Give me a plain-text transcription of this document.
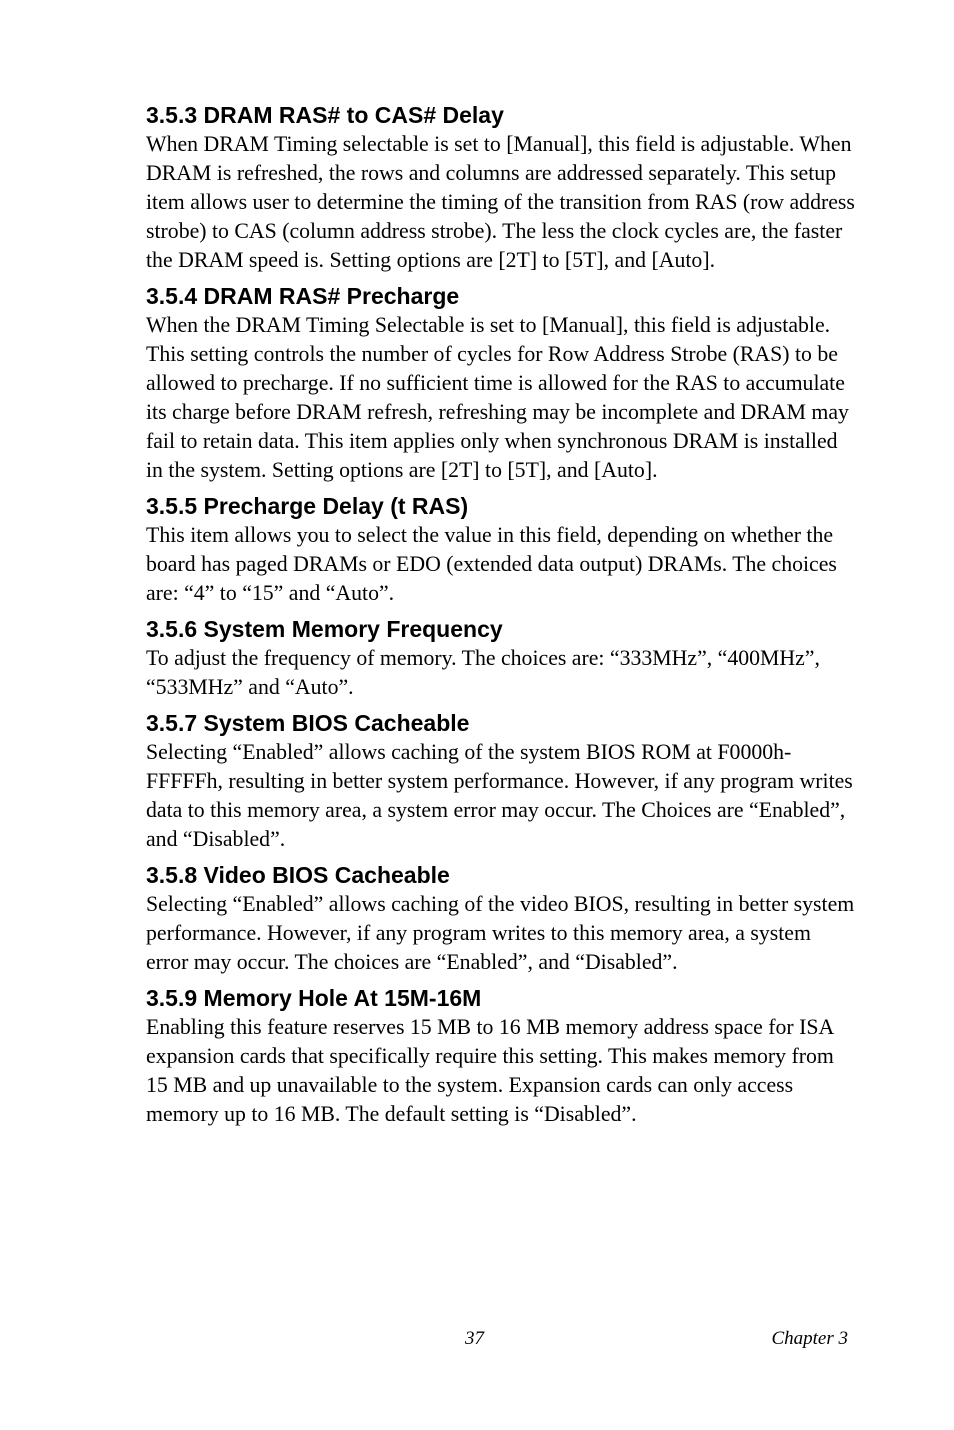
3.5.3 DRAM RAS# to CAS# Delay

When DRAM Timing selectable is set to [Manual], this field is adjustable. When DRAM is refreshed, the rows and columns are addressed separately. This setup item allows user to determine the timing of the transition from RAS (row address strobe) to CAS (column address strobe). The less the clock cycles are, the faster the DRAM speed is. Setting options are [2T] to [5T], and [Auto].

3.5.4 DRAM RAS# Precharge

When the DRAM Timing Selectable is set to [Manual], this field is adjustable. This setting controls the number of cycles for Row Address Strobe (RAS) to be allowed to precharge. If no sufficient time is allowed for the RAS to accumulate its charge before DRAM refresh, refreshing may be incomplete and DRAM may fail to retain data. This item applies only when synchronous DRAM is installed in the system. Setting options are [2T] to [5T], and [Auto].

3.5.5 Precharge Delay (t RAS)

This item allows you to select the value in this field, depending on whether the board has paged DRAMs or EDO (extended data output) DRAMs. The choices are: “4” to “15” and “Auto”.

3.5.6 System Memory Frequency

To adjust the frequency of memory. The choices are: “333MHz”, “400MHz”, “533MHz” and “Auto”.

3.5.7 System BIOS Cacheable

Selecting “Enabled” allows caching of the system BIOS ROM at F0000h-FFFFFh, resulting in better system performance. However, if any program writes data to this memory area, a system error may occur. The Choices are “Enabled”, and “Disabled”.

3.5.8 Video BIOS Cacheable

Selecting “Enabled” allows caching of the video BIOS, resulting in better system performance. However, if any program writes to this memory area, a system error may occur. The choices are “Enabled”, and “Disabled”.

3.5.9 Memory Hole At 15M-16M

Enabling this feature reserves 15 MB to 16 MB memory address space for ISA expansion cards that specifically require this setting. This makes memory from 15 MB and up unavailable to the system. Expansion cards can only access memory up to 16 MB. The default setting is “Disabled”.

37	Chapter 3
